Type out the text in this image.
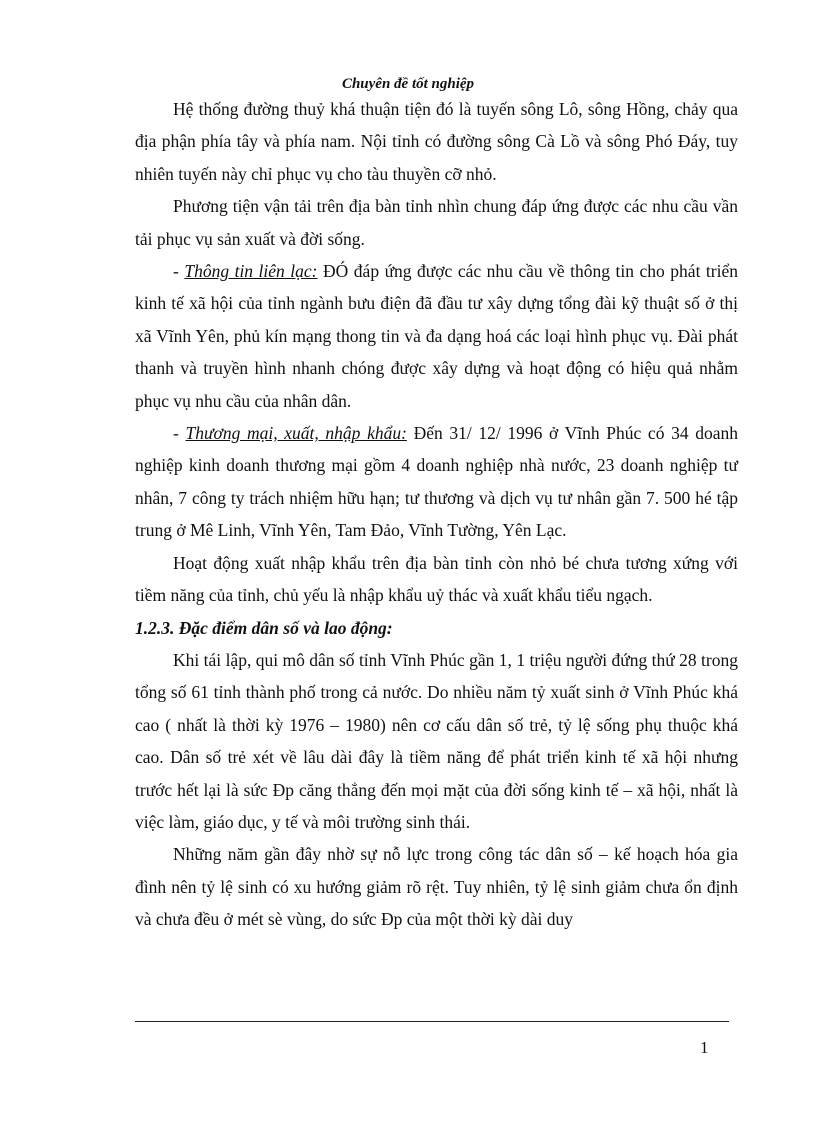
Chuyên đề tốt nghiệp

Hệ thống đường thuỷ khá thuận tiện đó là tuyến sông Lô, sông Hồng, chảy qua địa phận phía tây và phía nam. Nội tỉnh có đường sông Cà Lồ và sông Phó Đáy, tuy nhiên tuyến này chỉ phục vụ cho tàu thuyền cỡ nhỏ.

Phương tiện vận tải trên địa bàn tỉnh nhìn chung đáp ứng được các nhu cầu vần tải phục vụ sản xuất và đời sống.

- Thông tin liên lạc: ĐÓ đáp ứng được các nhu cầu về thông tin cho phát triển kinh tế xã hội của tỉnh ngành bưu điện đã đầu tư xây dựng tổng đài kỹ thuật số ở thị xã Vĩnh Yên, phủ kín mạng thong tin và đa dạng hoá các loại hình phục vụ. Đài phát thanh và truyền hình nhanh chóng được xây dựng và hoạt động có hiệu quả nhằm phục vụ nhu cầu của nhân dân.

- Thương mại, xuất, nhập khẩu: Đến 31/ 12/ 1996 ở Vĩnh Phúc có 34 doanh nghiệp kinh doanh thương mại gồm 4 doanh nghiệp nhà nước, 23 doanh nghiệp tư nhân, 7 công ty trách nhiệm hữu hạn; tư thương và dịch vụ tư nhân gần 7. 500 hé tập trung ở Mê Linh, Vĩnh Yên, Tam Đảo, Vĩnh Tường, Yên Lạc.

Hoạt động xuất nhập khẩu trên địa bàn tỉnh còn nhỏ bé chưa tương xứng với tiềm năng của tỉnh, chủ yếu là nhập khẩu uỷ thác và xuất khẩu tiểu ngạch.

1.2.3. Đặc điểm dân số và lao động:

Khi tái lập, qui mô dân số tỉnh Vĩnh Phúc gần 1, 1 triệu người đứng thứ 28 trong tổng số 61 tỉnh thành phố trong cả nước. Do nhiều năm tỷ xuất sinh ở Vĩnh Phúc khá cao ( nhất là thời kỳ 1976 – 1980) nên cơ cấu dân số trẻ, tỷ lệ sống phụ thuộc khá cao. Dân số trẻ xét về lâu dài đây là tiềm năng để phát triển kinh tế xã hội nhưng trước hết lại là sức Đp căng thẳng đến mọi mặt của đời sống kinh tế – xã hội, nhất là việc làm, giáo dục, y tế và môi trường sinh thái.

Những năm gần đây nhờ sự nỗ lực trong công tác dân số – kế hoạch hóa gia đình nên tỷ lệ sinh có xu hướng giảm rõ rệt. Tuy nhiên, tỷ lệ sinh giảm chưa ổn định và chưa đều ở mét sè vùng, do sức Đp của một thời kỳ dài duy

1
